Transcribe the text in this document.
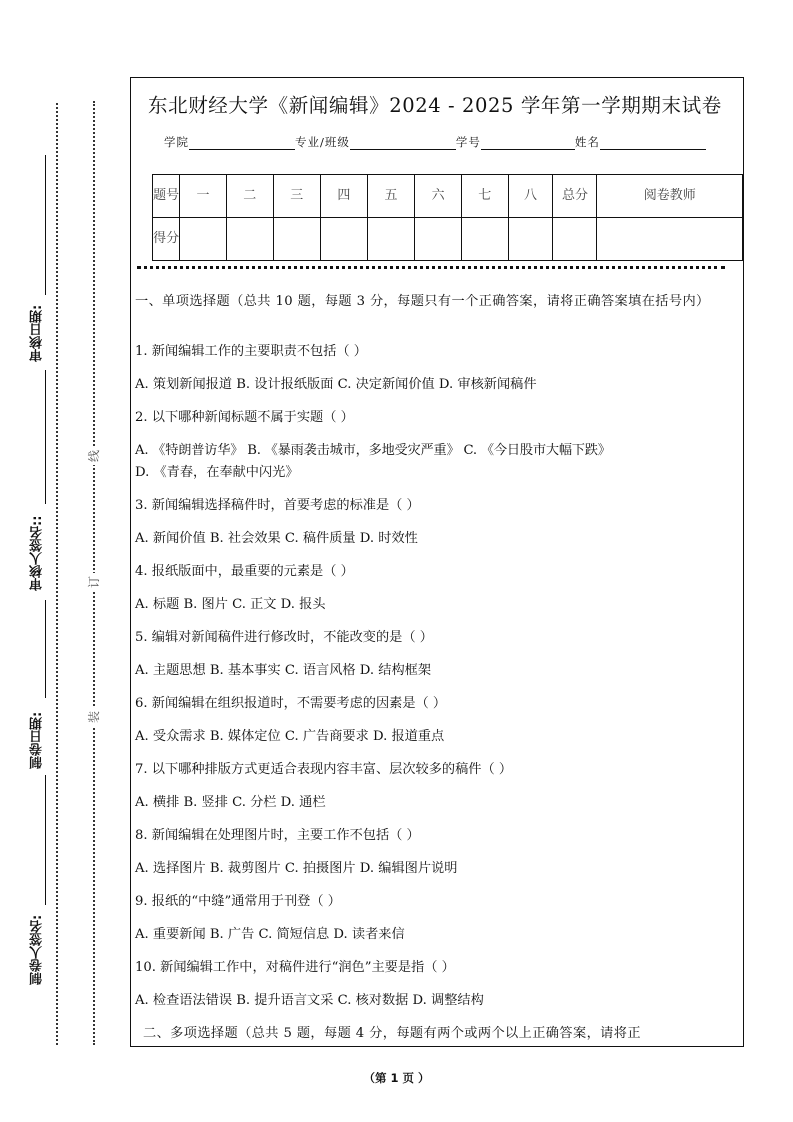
审核日期:
审核人签名::
制卷日期:
制卷人签名:
线
订
装
东北财经大学《新闻编辑》2024 - 2025 学年第一学期期末试卷
学院	专业/班级	学号	姓名
题号	一	二	三	四	五	六	七	八	总分	阅卷教师
得分										

一、单项选择题（总共 10 题，每题 3 分，每题只有一个正确答案，请将正确答案填在括号内）

1. 新闻编辑工作的主要职责不包括（ ）

A. 策划新闻报道 B. 设计报纸版面 C. 决定新闻价值 D. 审核新闻稿件

2. 以下哪种新闻标题不属于实题（ ）

A. 《特朗普访华》 B. 《暴雨袭击城市，多地受灾严重》 C. 《今日股市大幅下跌》

D. 《青春，在奉献中闪光》

3. 新闻编辑选择稿件时，首要考虑的标准是（ ）

A. 新闻价值 B. 社会效果 C. 稿件质量 D. 时效性

4. 报纸版面中，最重要的元素是（ ）

A. 标题 B. 图片 C. 正文 D. 报头

5. 编辑对新闻稿件进行修改时，不能改变的是（ ）

A. 主题思想 B. 基本事实 C. 语言风格 D. 结构框架

6. 新闻编辑在组织报道时，不需要考虑的因素是（ ）

A. 受众需求 B. 媒体定位 C. 广告商要求 D. 报道重点

7. 以下哪种排版方式更适合表现内容丰富、层次较多的稿件（ ）

A. 横排 B. 竖排 C. 分栏 D. 通栏

8. 新闻编辑在处理图片时，主要工作不包括（ ）

A. 选择图片 B. 裁剪图片 C. 拍摄图片 D. 编辑图片说明

9. 报纸的“中缝”通常用于刊登（ ）

A. 重要新闻 B. 广告 C. 简短信息 D. 读者来信

10. 新闻编辑工作中，对稿件进行“润色”主要是指（ ）

A. 检查语法错误 B. 提升语言文采 C. 核对数据 D. 调整结构

二、多项选择题（总共 5 题，每题 4 分，每题有两个或两个以上正确答案，请将正

（第 1 页 ）
